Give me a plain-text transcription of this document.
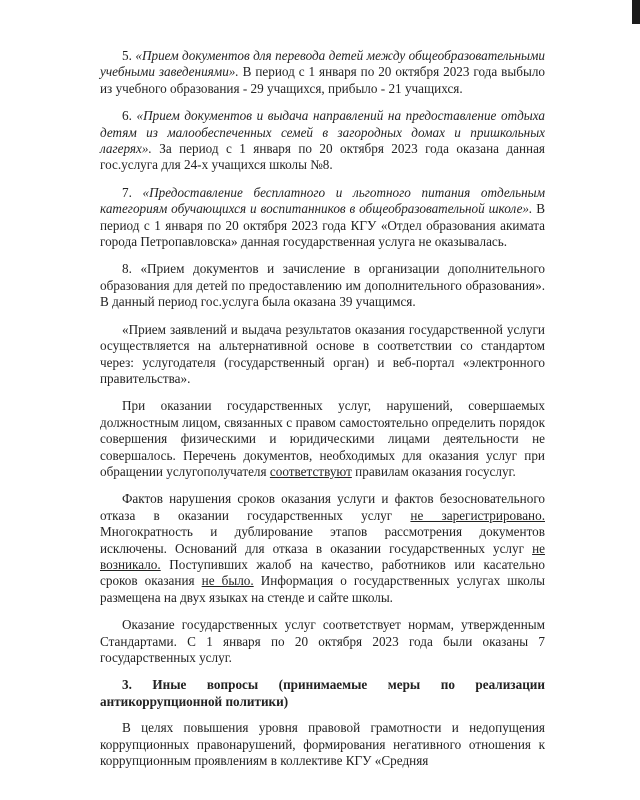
5. «Прием документов для перевода детей между общеобразовательными учебными заведениями». В период с 1 января по 20 октября 2023 года выбыло из учебного образования - 29 учащихся, прибыло - 21 учащихся.

6. «Прием документов и выдача направлений на предоставление отдыха детям из малообеспеченных семей в загородных домах и пришкольных лагерях». За период с 1 января по 20 октября 2023 года оказана данная гос.услуга для 24-х учащихся школы №8.

7. «Предоставление бесплатного и льготного питания отдельным категориям обучающихся и воспитанников в общеобразовательной школе». В период с 1 января по 20 октября 2023 года КГУ «Отдел образования акимата города Петропавловска» данная государственная услуга не оказывалась.

8. «Прием документов и зачисление в организации дополнительного образования для детей по предоставлению им дополнительного образования». В данный период гос.услуга была оказана 39 учащимся.

«Прием заявлений и выдача результатов оказания государственной услуги осуществляется на альтернативной основе в соответствии со стандартом через: услугодателя (государственный орган) и веб-портал «электронного правительства».

При оказании государственных услуг, нарушений, совершаемых должностным лицом, связанных с правом самостоятельно определить порядок совершения физическими и юридическими лицами деятельности не совершалось. Перечень документов, необходимых для оказания услуг при обращении услугополучателя соответствуют правилам оказания госуслуг.

Фактов нарушения сроков оказания услуги и фактов безосновательного отказа в оказании государственных услуг не зарегистрировано. Многократность и дублирование этапов рассмотрения документов исключены. Оснований для отказа в оказании государственных услуг не возникало. Поступивших жалоб на качество, работников или касательно сроков оказания не было. Информация о государственных услугах школы размещена на двух языках на стенде и сайте школы.

Оказание государственных услуг соответствует нормам, утвержденным Стандартами. С 1 января по 20 октября 2023 года были оказаны 7 государственных услуг.

3. Иные вопросы (принимаемые меры по реализации антикоррупционной политики)

В целях повышения уровня правовой грамотности и недопущения коррупционных правонарушений, формирования негативного отношения к коррупционным проявлениям в коллективе КГУ «Средняя
